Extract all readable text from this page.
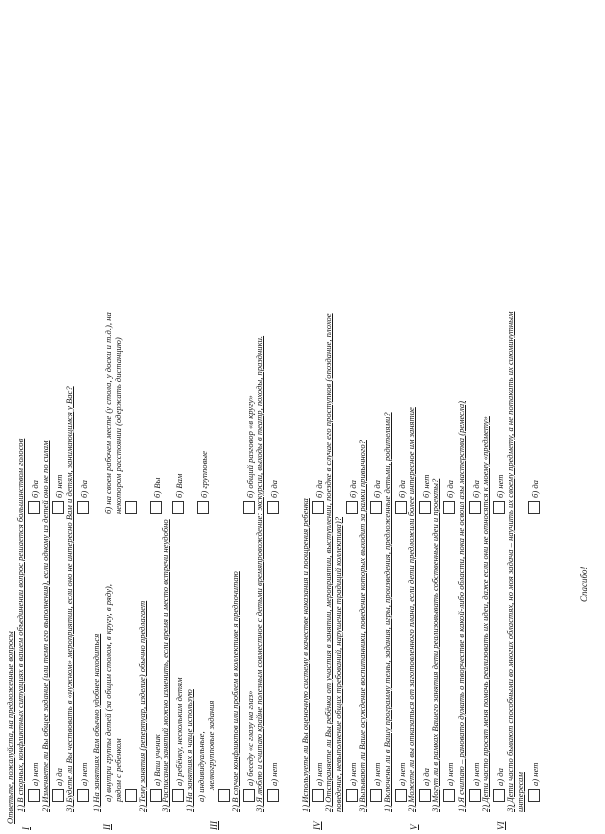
Ответьте, пожалуйста, на предложенные вопросы
I
1) В спорных, конфликтных ситуациях в вашем объединении вопрос решается большинством голосов а) нет
б) да 2) Изменяете ли Вы общее задание (или темп его выполнения), если одному из детей оно не по силам а) да
б) нет 3) Будете ли Вы чествовать в «нужном» мероприятии, если оно не интересно Вам и детям, занимающимся у Вас? а) нет
б) да
II
1) На занятиях Вам обычно удобнее находиться а) внутри группы детей (за общим столом, в кругу, в ряду), рядом с ребенком
б) на своем рабочем месте (у стола, у доски и т.д.), на некотором расстоянии (одержать дистанцию)
2) Тему занятия (репертуар, изделие) обычно предлагает а) Ваш ученик
б) Вы
3) Расписание занятий можно изменить, если время и место встречи неудобно а) ребёнку, нескольким детям
б) Вам
III
1) На занятиях я чаще использую а) индивидуальные, мелкогрупповые задания
б) групповые
2) В случае конфликтов или проблем в коллективе я предпочитаю а) беседу «с глазу на глаз»
б) общий разговор «в кругу» 3) Я люблю и считаю крайне полезным совместное с детьми времяпровождение: экскурсии, выходы в театр, походы, праздники. а) нет
б) да
IV
1) Используете ли Вы оценочную систему в качестве наказания и поощрения ребенка а) нет
б) да 2) Отстраняете ли Вы ребёнка от участия в занятии, мероприятии, выступлении, поездке в случае его проступков (опоздание, плохое поведение, невыполнение общих требований, нарушение традиций коллектива)? а) нет
б) да 3) Вызывают ли Ваше осуждение воспитанники, поведение которых выходит за рамки привычного? а) нет
б) да
V
1) Включены ли в Вашу программу темы, задания, игры, произведения, предложенные детьми, родителями? а) нет
б) да 2) Можете ли вы отказаться от заготовленного плана, если дети предложили более интересное им занятие а) да
б) нет 3) Могут ли в рамках Вашего занятия дети реализовывать собственные идеи и проекты? а) нет
б) да
VI
1) Я считаю – рановато думать о творчестве в какой-либо области, пока не освоил азы мастерства (ремесла) а) нет
б) да 2) Дети часто просят меня помочь реализовать их идеи, даже если они не относятся к моему «предмету» а) да
б) нет 3) Дети часто бывают способными во многих областях, но моя задача – научить их своему предмету, а не потакать их сиюминутным интересам а) нет
б) да
Спасибо!
